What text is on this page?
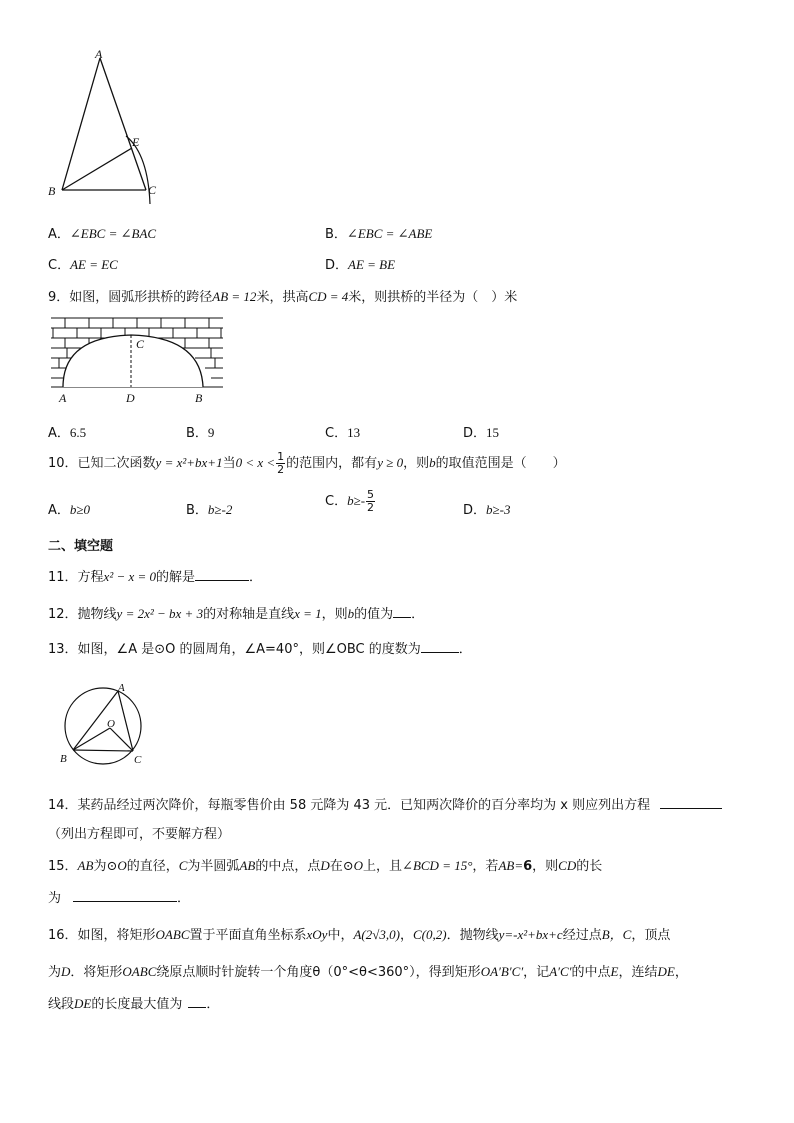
A
B	C
E
A．∠EBC = ∠BAC	B．∠EBC = ∠ABE
C．AE = EC	D．AE = BE
9．如图，圆弧形拱桥的跨径AB = 12米，拱高CD = 4米，则拱桥的半径为（　）米
A	D	B
C
A．6.5	B．9	C．13	D．15
10．已知二次函数y = x²+bx+1当$0 < x < \frac{1}{2}$ 的范围内，都有y ≥ 0，则b的取值范围是（　　）
A．b≥0	B．b≥-2
C．$b\ge- \frac{5}{2}$	D．b≥-3
二、填空题
11．方程x² − x = 0的解是	．
12．抛物线y = 2x² − bx + 3的对称轴是直线x = 1，则b的值为 ．
13．如图，∠A 是⊙O 的圆周角，∠A=40°，则∠OBC 的度数为	．
A
O
B	C
14．某药品经过两次降价，每瓶零售价由 58 元降为 43 元．已知两次降价的百分率均为 x 则应列出方程
（列出方程即可，不要解方程）
15．AB为⊙O的直径，C为半圆弧AB的中点，点D在⊙O上，且∠BCD = 15°，若AB=6，则CD的长
为	．
16．如图，将矩形OABC置于平面直角坐标系xOy中，A(2√3,0)，C(0,2)．抛物线y=-x²+bx+c经过点B，C，顶点
为D．将矩形OABC绕原点顺时针旋转一个角度θ（0°<θ<360°），得到矩形OA′B′C′，记A′C′的中点E，连结DE，
线段DE的长度最大值为 ．
